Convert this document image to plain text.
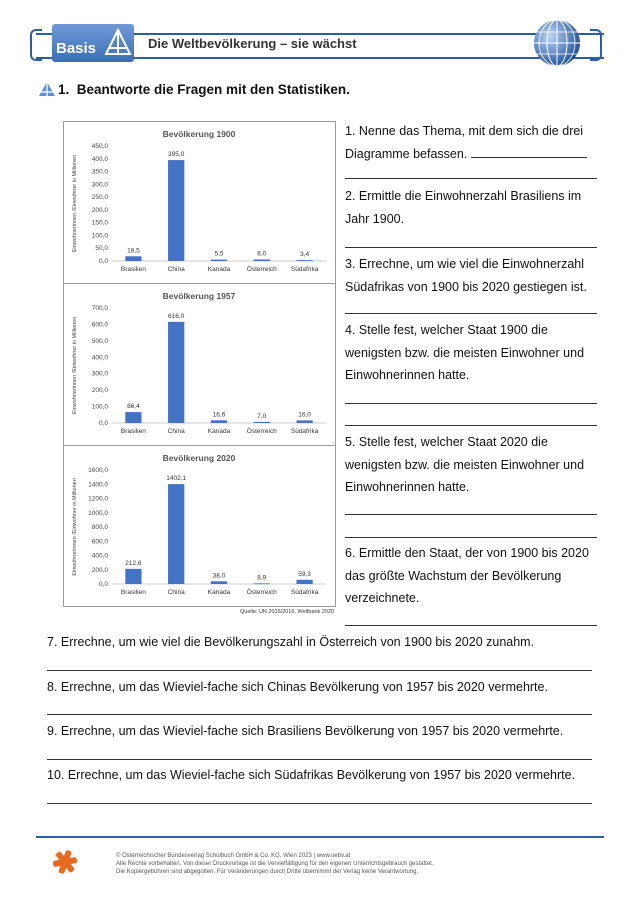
Basis	Die Weltbevölkerung – sie wächst
1. Beantworte die Fragen mit den Statistiken.
Bevölkerung 1900
Einwohnerinnen /Einwohner in Millionen
0,0
50,0
100,0
150,0
200,0
250,0
300,0
350,0
400,0
450,0
18,5
Brasilien
395,0
China
5,5
Kanada
6,0
Österreich
3,4
Südafrika
Bevölkerung 1957
Einwohnerinnen /Einwohner in Millionen
0,0
100,0
200,0
300,0
400,0
500,0
600,0
700,0
66,4
Brasilien
616,0
China
16,6
Kanada
7,0
Österreich
16,0
Südafrika
Bevölkerung 2020
Einwohnerinnen /Einwohner in Millionen
0,0
200,0
400,0
600,0
800,0
1000,0
1200,0
1400,0
1600,0
212,6
Brasilien
1402,1
China
38,0
Kanada
8,9
Österreich
59,3
Südafrika
Quelle: UN 2015/2016, Weltbank 2020
1. Nenne das Thema, mit dem sich die drei
Diagramme befassen.
2. Ermittle die Einwohnerzahl Brasiliens im
Jahr 1900.
3. Errechne, um wie viel die Einwohnerzahl
Südafrikas von 1900 bis 2020 gestiegen ist.
4. Stelle fest, welcher Staat 1900 die
wenigsten bzw. die meisten Einwohner und
Einwohnerinnen hatte.
5. Stelle fest, welcher Staat 2020 die
wenigsten bzw. die meisten Einwohner und
Einwohnerinnen hatte.
6. Ermittle den Staat, der von 1900 bis 2020
das größte Wachstum der Bevölkerung
verzeichnete.
7. Errechne, um wie viel die Bevölkerungszahl in Österreich von 1900 bis 2020 zunahm.
8. Errechne, um das Wieviel-fache sich Chinas Bevölkerung von 1957 bis 2020 vermehrte.
9. Errechne, um das Wieviel-fache sich Brasiliens Bevölkerung von 1957 bis 2020 vermehrte.
10. Errechne, um das Wieviel-fache sich Südafrikas Bevölkerung von 1957 bis 2020 vermehrte.
© Österreichischer Bundesverlag Schulbuch GmbH & Co. KG, Wien 2023 | www.oebv.at
Alle Rechte vorbehalten. Von dieser Druckvorlage ist die Vervielfältigung für den eigenen Unterrichtsgebrauch gestattet.
Die Kopiergebühren sind abgegolten. Für Veränderungen durch Dritte übernimmt der Verlag keine Verantwortung.
